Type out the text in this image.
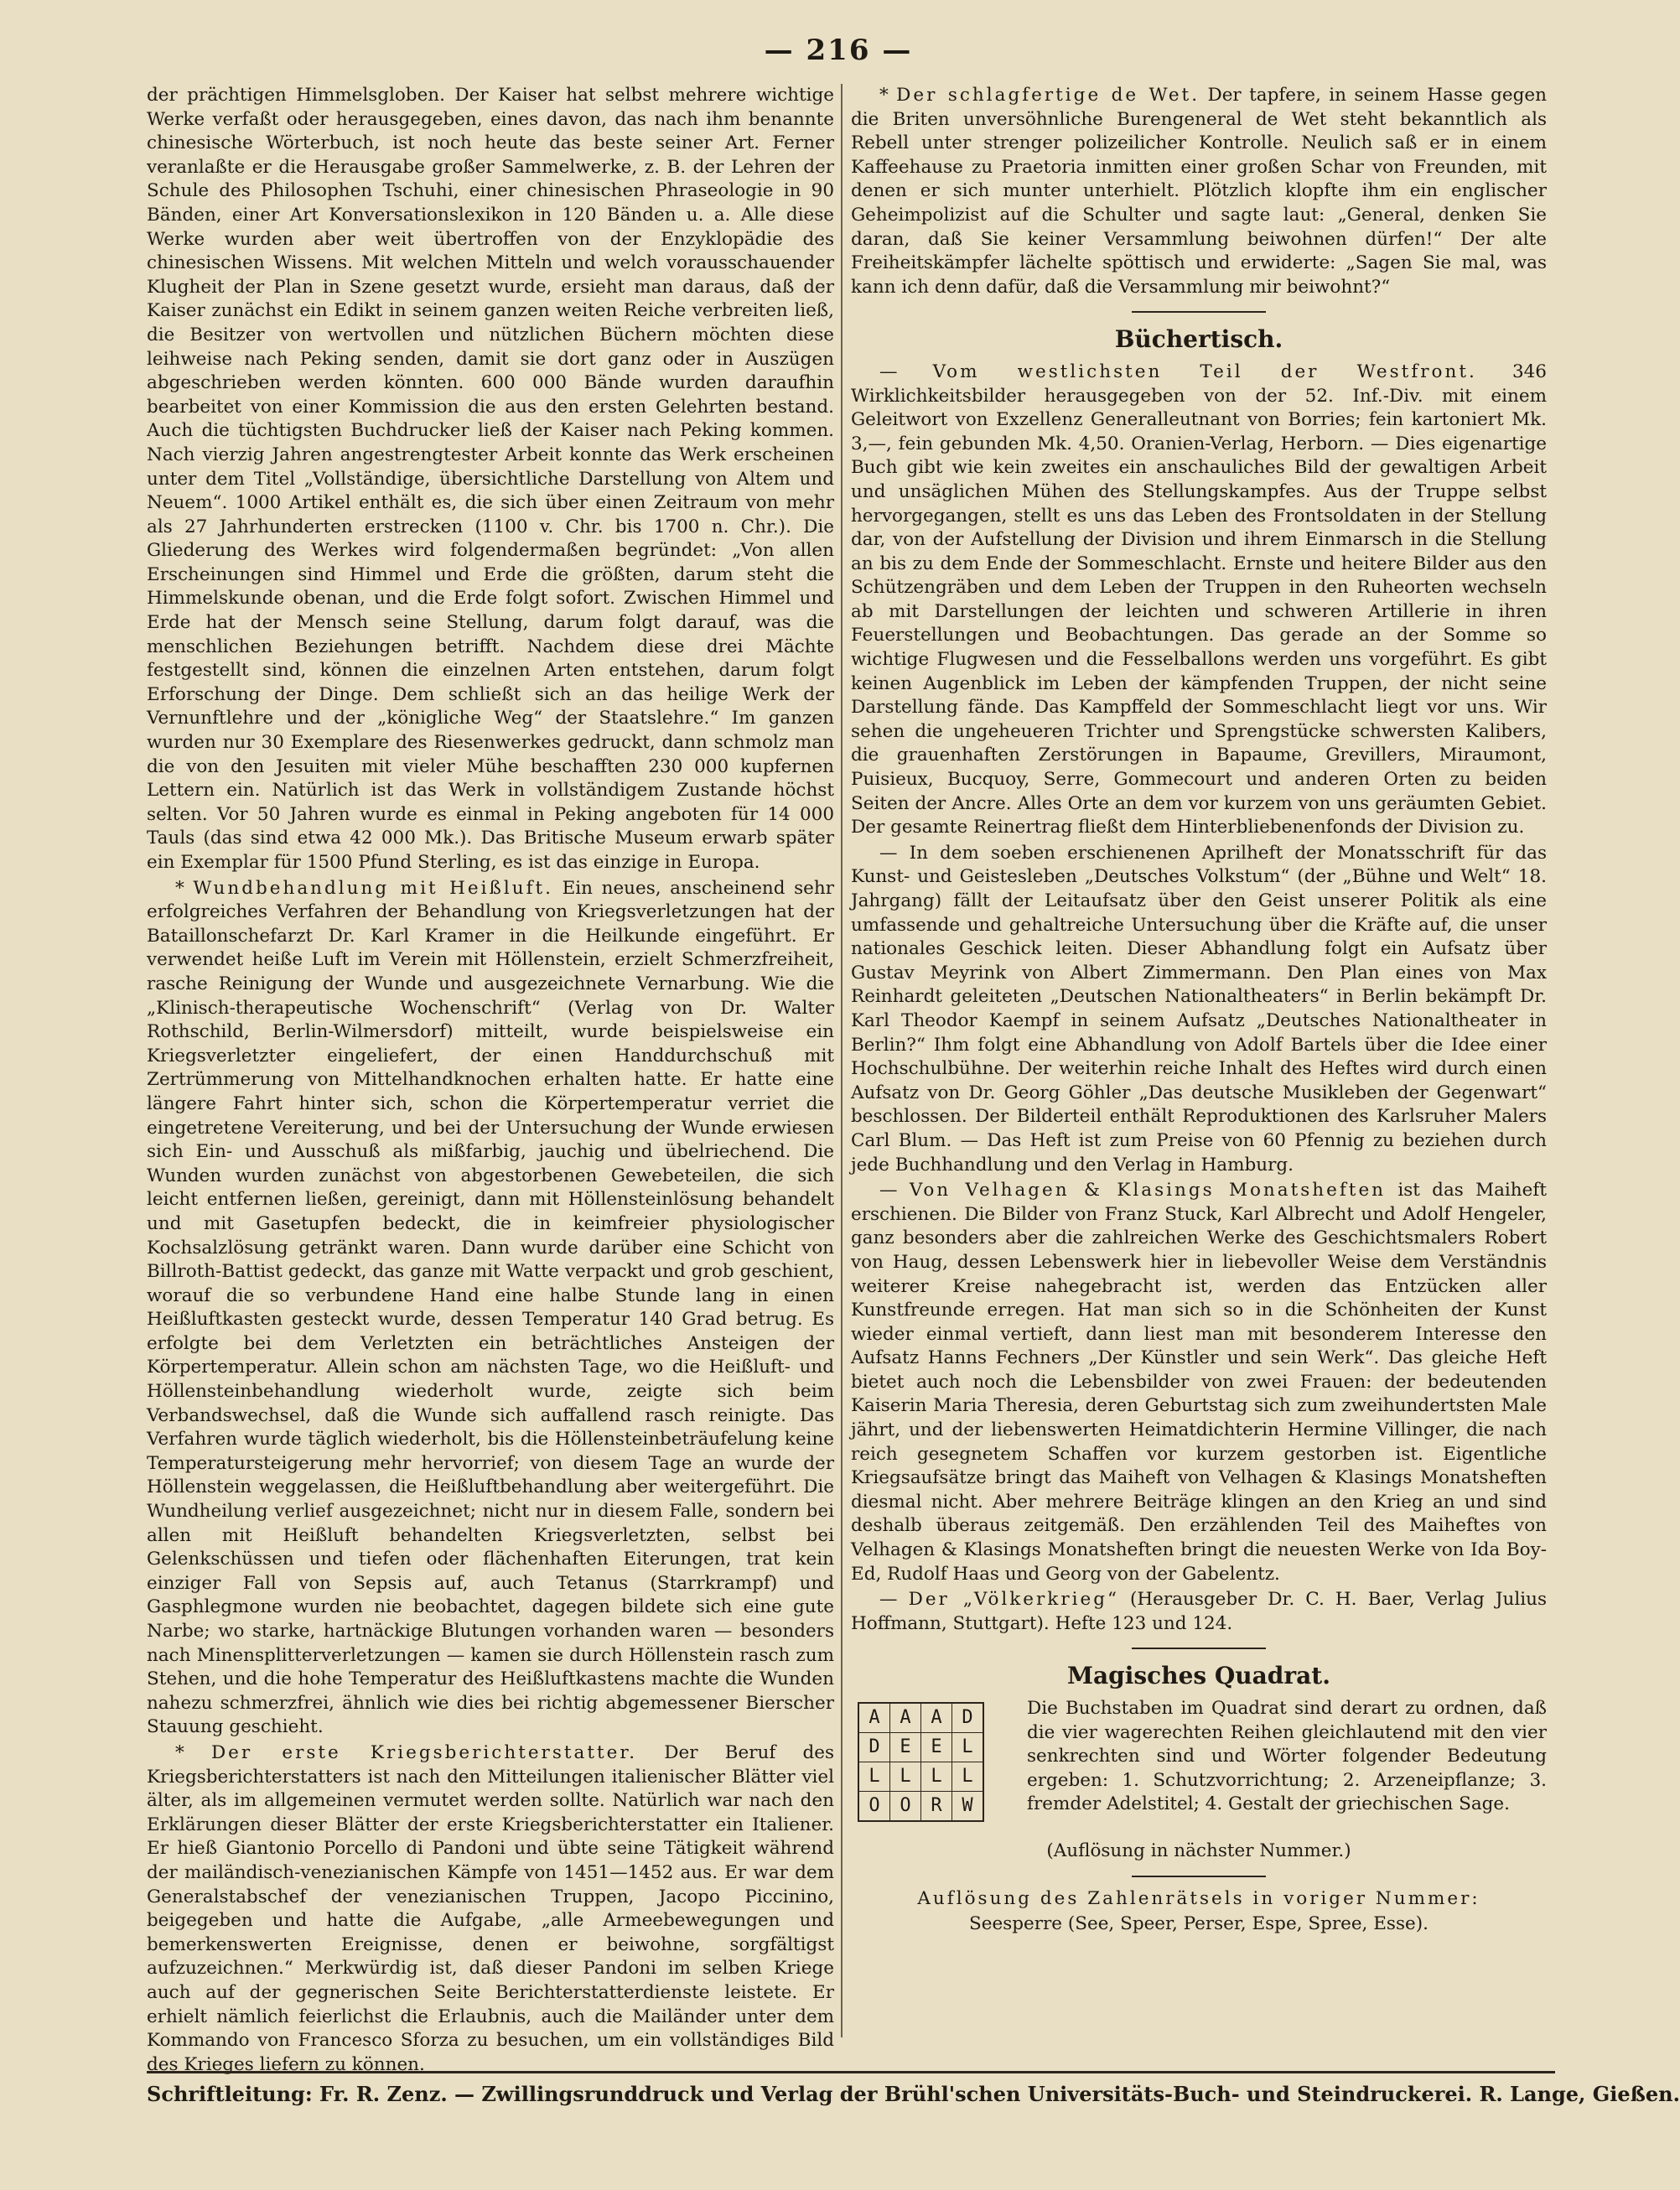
— 216 —

der prächtigen Himmelsgloben. Der Kaiser hat selbst mehrere wichtige Werke verfaßt oder herausgegeben, eines davon, das nach ihm benannte chinesische Wörterbuch, ist noch heute das beste seiner Art. Ferner veranlaßte er die Herausgabe großer Sammelwerke, z. B. der Lehren der Schule des Philosophen Tschuhi, einer chinesischen Phraseologie in 90 Bänden, einer Art Konversationslexikon in 120 Bänden u. a. Alle diese Werke wurden aber weit übertroffen von der Enzyklopädie des chinesischen Wissens. Mit welchen Mitteln und welch vorausschauender Klugheit der Plan in Szene gesetzt wurde, ersieht man daraus, daß der Kaiser zunächst ein Edikt in seinem ganzen weiten Reiche verbreiten ließ, die Besitzer von wertvollen und nützlichen Büchern möchten diese leihweise nach Peking senden, damit sie dort ganz oder in Auszügen abgeschrieben werden könnten. 600 000 Bände wurden daraufhin bearbeitet von einer Kommission die aus den ersten Gelehrten bestand. Auch die tüchtigsten Buchdrucker ließ der Kaiser nach Peking kommen. Nach vierzig Jahren angestrengtester Arbeit konnte das Werk erscheinen unter dem Titel „Vollständige, übersichtliche Darstellung von Altem und Neuem“. 1000 Artikel enthält es, die sich über einen Zeitraum von mehr als 27 Jahrhunderten erstrecken (1100 v. Chr. bis 1700 n. Chr.). Die Gliederung des Werkes wird folgendermaßen begründet: „Von allen Erscheinungen sind Himmel und Erde die größten, darum steht die Himmelskunde obenan, und die Erde folgt sofort. Zwischen Himmel und Erde hat der Mensch seine Stellung, darum folgt darauf, was die menschlichen Beziehungen betrifft. Nachdem diese drei Mächte festgestellt sind, können die einzelnen Arten entstehen, darum folgt Erforschung der Dinge. Dem schließt sich an das heilige Werk der Vernunftlehre und der „königliche Weg“ der Staatslehre.“ Im ganzen wurden nur 30 Exemplare des Riesenwerkes gedruckt, dann schmolz man die von den Jesuiten mit vieler Mühe beschafften 230 000 kupfernen Lettern ein. Natürlich ist das Werk in vollständigem Zustande höchst selten. Vor 50 Jahren wurde es einmal in Peking angeboten für 14 000 Tauls (das sind etwa 42 000 Mk.). Das Britische Museum erwarb später ein Exemplar für 1500 Pfund Sterling, es ist das einzige in Europa.

* Wundbehandlung mit Heißluft. Ein neues, anscheinend sehr erfolgreiches Verfahren der Behandlung von Kriegsverletzungen hat der Bataillonschefarzt Dr. Karl Kramer in die Heilkunde eingeführt. Er verwendet heiße Luft im Verein mit Höllenstein, erzielt Schmerzfreiheit, rasche Reinigung der Wunde und ausgezeichnete Vernarbung. Wie die „Klinisch-therapeutische Wochenschrift“ (Verlag von Dr. Walter Rothschild, Berlin-Wilmersdorf) mitteilt, wurde beispielsweise ein Kriegsverletzter eingeliefert, der einen Handdurchschuß mit Zertrümmerung von Mittelhandknochen erhalten hatte. Er hatte eine längere Fahrt hinter sich, schon die Körpertemperatur verriet die eingetretene Vereiterung, und bei der Untersuchung der Wunde erwiesen sich Ein- und Ausschuß als mißfarbig, jauchig und übelriechend. Die Wunden wurden zunächst von abgestorbenen Gewebeteilen, die sich leicht entfernen ließen, gereinigt, dann mit Höllensteinlösung behandelt und mit Gasetupfen bedeckt, die in keimfreier physiologischer Kochsalzlösung getränkt waren. Dann wurde darüber eine Schicht von Billroth-Battist gedeckt, das ganze mit Watte verpackt und grob geschient, worauf die so verbundene Hand eine halbe Stunde lang in einen Heißluftkasten gesteckt wurde, dessen Temperatur 140 Grad betrug. Es erfolgte bei dem Verletzten ein beträchtliches Ansteigen der Körpertemperatur. Allein schon am nächsten Tage, wo die Heißluft- und Höllensteinbehandlung wiederholt wurde, zeigte sich beim Verbandswechsel, daß die Wunde sich auffallend rasch reinigte. Das Verfahren wurde täglich wiederholt, bis die Höllensteinbeträufelung keine Temperatursteigerung mehr hervorrief; von diesem Tage an wurde der Höllenstein weggelassen, die Heißluftbehandlung aber weitergeführt. Die Wundheilung verlief ausgezeichnet; nicht nur in diesem Falle, sondern bei allen mit Heißluft behandelten Kriegsverletzten, selbst bei Gelenkschüssen und tiefen oder flächenhaften Eiterungen, trat kein einziger Fall von Sepsis auf, auch Tetanus (Starrkrampf) und Gasphlegmone wurden nie beobachtet, dagegen bildete sich eine gute Narbe; wo starke, hartnäckige Blutungen vorhanden waren — besonders nach Minensplitterverletzungen — kamen sie durch Höllenstein rasch zum Stehen, und die hohe Temperatur des Heißluftkastens machte die Wunden nahezu schmerzfrei, ähnlich wie dies bei richtig abgemessener Bierscher Stauung geschieht.

* Der erste Kriegsberichterstatter. Der Beruf des Kriegsberichterstatters ist nach den Mitteilungen italienischer Blätter viel älter, als im allgemeinen vermutet werden sollte. Natürlich war nach den Erklärungen dieser Blätter der erste Kriegsberichterstatter ein Italiener. Er hieß Giantonio Porcello di Pandoni und übte seine Tätigkeit während der mailändisch-venezianischen Kämpfe von 1451—1452 aus. Er war dem Generalstabschef der venezianischen Truppen, Jacopo Piccinino, beigegeben und hatte die Aufgabe, „alle Armeebewegungen und bemerkenswerten Ereignisse, denen er beiwohne, sorgfältigst aufzuzeichnen.“ Merkwürdig ist, daß dieser Pandoni im selben Kriege auch auf der gegnerischen Seite Berichterstatterdienste leistete. Er erhielt nämlich feierlichst die Erlaubnis, auch die Mailänder unter dem Kommando von Francesco Sforza zu besuchen, um ein vollständiges Bild des Krieges liefern zu können.

* Der schlagfertige de Wet. Der tapfere, in seinem Hasse gegen die Briten unversöhnliche Burengeneral de Wet steht bekanntlich als Rebell unter strenger polizeilicher Kontrolle. Neulich saß er in einem Kaffeehause zu Praetoria inmitten einer großen Schar von Freunden, mit denen er sich munter unterhielt. Plötzlich klopfte ihm ein englischer Geheimpolizist auf die Schulter und sagte laut: „General, denken Sie daran, daß Sie keiner Versammlung beiwohnen dürfen!“ Der alte Freiheitskämpfer lächelte spöttisch und erwiderte: „Sagen Sie mal, was kann ich denn dafür, daß die Versammlung mir beiwohnt?“

Büchertisch.

— Vom westlichsten Teil der Westfront. 346 Wirklichkeitsbilder herausgegeben von der 52. Inf.-Div. mit einem Geleitwort von Exzellenz Generalleutnant von Borries; fein kartoniert Mk. 3,—, fein gebunden Mk. 4,50. Oranien-Verlag, Herborn. — Dies eigenartige Buch gibt wie kein zweites ein anschauliches Bild der gewaltigen Arbeit und unsäglichen Mühen des Stellungskampfes. Aus der Truppe selbst hervorgegangen, stellt es uns das Leben des Frontsoldaten in der Stellung dar, von der Aufstellung der Division und ihrem Einmarsch in die Stellung an bis zu dem Ende der Sommeschlacht. Ernste und heitere Bilder aus den Schützengräben und dem Leben der Truppen in den Ruheorten wechseln ab mit Darstellungen der leichten und schweren Artillerie in ihren Feuerstellungen und Beobachtungen. Das gerade an der Somme so wichtige Flugwesen und die Fesselballons werden uns vorgeführt. Es gibt keinen Augenblick im Leben der kämpfenden Truppen, der nicht seine Darstellung fände. Das Kampffeld der Sommeschlacht liegt vor uns. Wir sehen die ungeheueren Trichter und Sprengstücke schwersten Kalibers, die grauenhaften Zerstörungen in Bapaume, Grevillers, Miraumont, Puisieux, Bucquoy, Serre, Gommecourt und anderen Orten zu beiden Seiten der Ancre. Alles Orte an dem vor kurzem von uns geräumten Gebiet. Der gesamte Reinertrag fließt dem Hinterbliebenenfonds der Division zu.

— In dem soeben erschienenen Aprilheft der Monatsschrift für das Kunst- und Geistesleben „Deutsches Volkstum“ (der „Bühne und Welt“ 18. Jahrgang) fällt der Leitaufsatz über den Geist unserer Politik als eine umfassende und gehaltreiche Untersuchung über die Kräfte auf, die unser nationales Geschick leiten. Dieser Abhandlung folgt ein Aufsatz über Gustav Meyrink von Albert Zimmermann. Den Plan eines von Max Reinhardt geleiteten „Deutschen Nationaltheaters“ in Berlin bekämpft Dr. Karl Theodor Kaempf in seinem Aufsatz „Deutsches Nationaltheater in Berlin?“ Ihm folgt eine Abhandlung von Adolf Bartels über die Idee einer Hochschulbühne. Der weiterhin reiche Inhalt des Heftes wird durch einen Aufsatz von Dr. Georg Göhler „Das deutsche Musikleben der Gegenwart“ beschlossen. Der Bilderteil enthält Reproduktionen des Karlsruher Malers Carl Blum. — Das Heft ist zum Preise von 60 Pfennig zu beziehen durch jede Buchhandlung und den Verlag in Hamburg.

— Von Velhagen & Klasings Monatsheften ist das Maiheft erschienen. Die Bilder von Franz Stuck, Karl Albrecht und Adolf Hengeler, ganz besonders aber die zahlreichen Werke des Geschichtsmalers Robert von Haug, dessen Lebenswerk hier in liebevoller Weise dem Verständnis weiterer Kreise nahegebracht ist, werden das Entzücken aller Kunstfreunde erregen. Hat man sich so in die Schönheiten der Kunst wieder einmal vertieft, dann liest man mit besonderem Interesse den Aufsatz Hanns Fechners „Der Künstler und sein Werk“. Das gleiche Heft bietet auch noch die Lebensbilder von zwei Frauen: der bedeutenden Kaiserin Maria Theresia, deren Geburtstag sich zum zweihundertsten Male jährt, und der liebenswerten Heimatdichterin Hermine Villinger, die nach reich gesegnetem Schaffen vor kurzem gestorben ist. Eigentliche Kriegsaufsätze bringt das Maiheft von Velhagen & Klasings Monatsheften diesmal nicht. Aber mehrere Beiträge klingen an den Krieg an und sind deshalb überaus zeitgemäß. Den erzählenden Teil des Maiheftes von Velhagen & Klasings Monatsheften bringt die neuesten Werke von Ida Boy-Ed, Rudolf Haas und Georg von der Gabelentz.

— Der „Völkerkrieg“ (Herausgeber Dr. C. H. Baer, Verlag Julius Hoffmann, Stuttgart). Hefte 123 und 124.

Magisches Quadrat.
A	A	A	D
D	E	E	L
L	L	L	L
O	O	R	W

Die Buchstaben im Quadrat sind derart zu ordnen, daß die vier wagerechten Reihen gleichlautend mit den vier senkrechten sind und Wörter folgender Bedeutung ergeben: 1. Schutzvorrichtung; 2. Arzeneipflanze; 3. fremder Adelstitel; 4. Gestalt der griechischen Sage.

(Auflösung in nächster Nummer.)

Auflösung des Zahlenrätsels in voriger Nummer:

Seesperre (See, Speer, Perser, Espe, Spree, Esse).

Schriftleitung: Fr. R. Zenz. — Zwillingsrunddruck und Verlag der Brühl'schen Universitäts-Buch- und Steindruckerei. R. Lange, Gießen.
